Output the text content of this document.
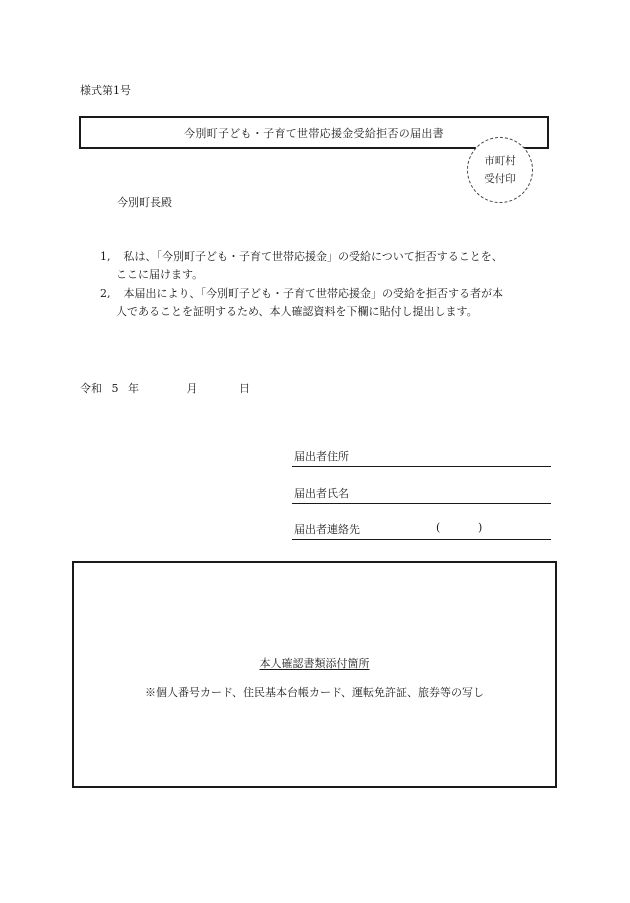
様式第1号
今別町子ども・子育て世帯応援金受給拒否の届出書
市町村
受付印
今別町長殿
1, 私は、「今別町子ども・子育て世帯応援金」の受給について拒否することを、
ここに届けます。
2, 本届出により、「今別町子ども・子育て世帯応援金」の受給を拒否する者が本
人であることを証明するため、本人確認資料を下欄に貼付し提出します。
令和 5 年	月	日
届出者住所
届出者氏名
届出者連絡先	(	)
本人確認書類添付箇所
※個人番号カード、住民基本台帳カード、運転免許証、旅券等の写し
